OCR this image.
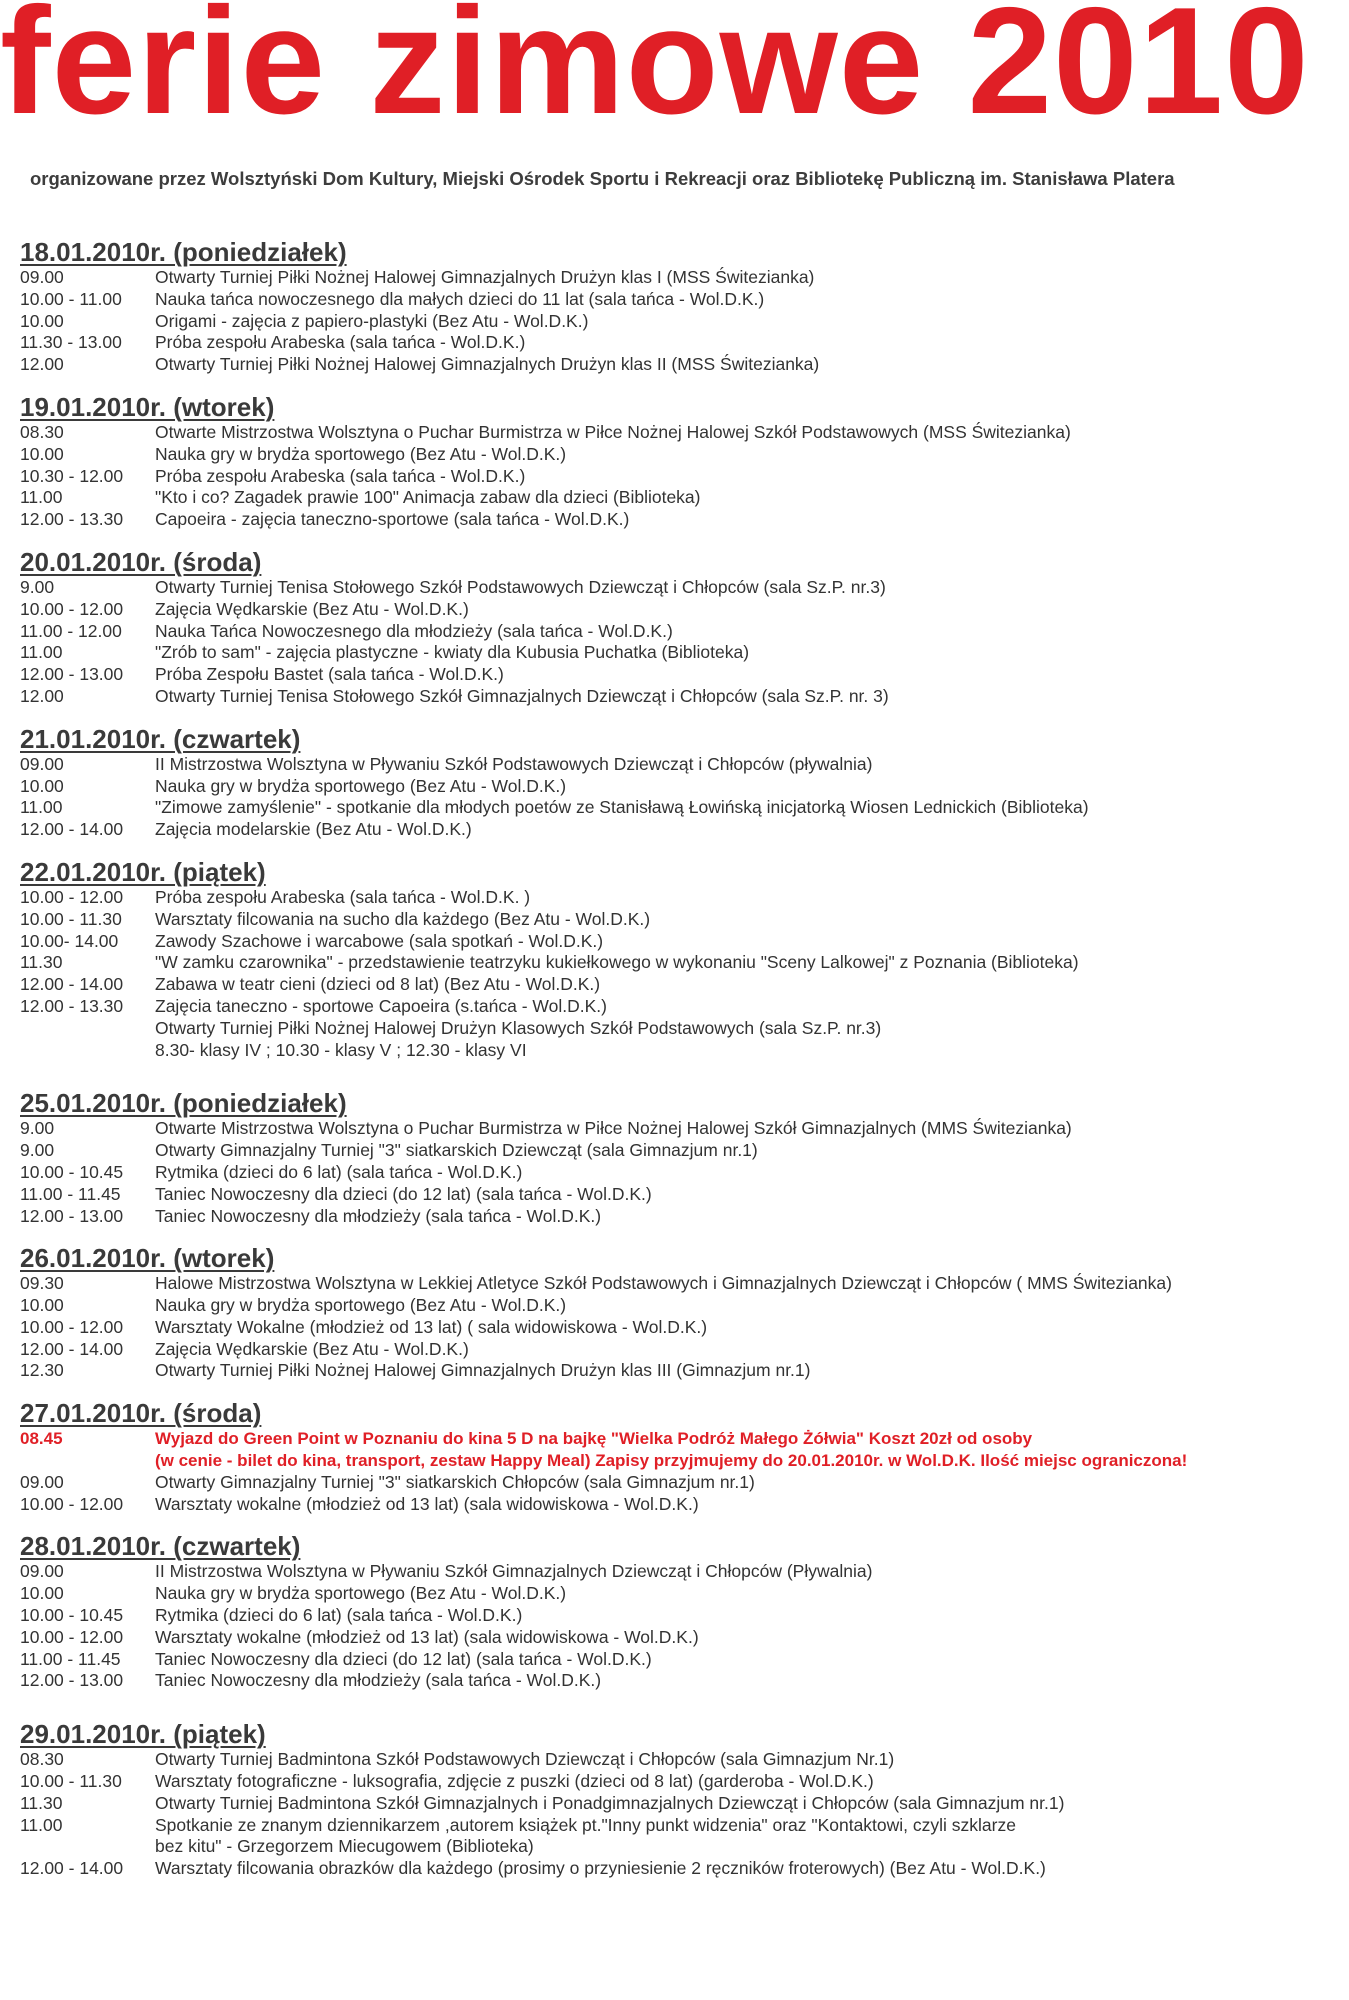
ferie zimowe 2010

organizowane przez Wolsztyński Dom Kultury, Miejski Ośrodek Sportu i Rekreacji oraz Bibliotekę Publiczną im. Stanisława Platera

18.01.2010r. (poniedziałek)
09.00	Otwarty Turniej Piłki Nożnej Halowej Gimnazjalnych Drużyn klas I (MSS Świtezianka)
10.00 - 11.00	Nauka tańca nowoczesnego dla małych dzieci do 11 lat (sala tańca - Wol.D.K.)
10.00	Origami - zajęcia z papiero-plastyki (Bez Atu - Wol.D.K.)
11.30 - 13.00	Próba zespołu Arabeska (sala tańca - Wol.D.K.)
12.00	Otwarty Turniej Piłki Nożnej Halowej Gimnazjalnych Drużyn klas II (MSS Świtezianka)
19.01.2010r. (wtorek)
08.30	Otwarte Mistrzostwa Wolsztyna o Puchar Burmistrza w Piłce Nożnej Halowej Szkół Podstawowych (MSS Świtezianka)
10.00	Nauka gry w brydża sportowego (Bez Atu - Wol.D.K.)
10.30 - 12.00	Próba zespołu Arabeska (sala tańca - Wol.D.K.)
11.00	"Kto i co? Zagadek prawie 100" Animacja zabaw dla dzieci (Biblioteka)
12.00 - 13.30	Capoeira - zajęcia taneczno-sportowe (sala tańca - Wol.D.K.)
20.01.2010r. (środa)
9.00	Otwarty Turniej Tenisa Stołowego Szkół Podstawowych Dziewcząt i Chłopców (sala Sz.P. nr.3)
10.00 - 12.00	Zajęcia Wędkarskie (Bez Atu - Wol.D.K.)
11.00 - 12.00	Nauka Tańca Nowoczesnego dla młodzieży (sala tańca - Wol.D.K.)
11.00	"Zrób to sam" - zajęcia plastyczne - kwiaty dla Kubusia Puchatka (Biblioteka)
12.00 - 13.00	Próba Zespołu Bastet (sala tańca - Wol.D.K.)
12.00	Otwarty Turniej Tenisa Stołowego Szkół Gimnazjalnych Dziewcząt i Chłopców (sala Sz.P. nr. 3)
21.01.2010r. (czwartek)
09.00	II Mistrzostwa Wolsztyna w Pływaniu Szkół Podstawowych Dziewcząt i Chłopców (pływalnia)
10.00	Nauka gry w brydża sportowego (Bez Atu - Wol.D.K.)
11.00	"Zimowe zamyślenie" - spotkanie dla młodych poetów ze Stanisławą Łowińską inicjatorką Wiosen Lednickich (Biblioteka)
12.00 - 14.00	Zajęcia modelarskie (Bez Atu - Wol.D.K.)
22.01.2010r. (piątek)
10.00 - 12.00	Próba zespołu Arabeska (sala tańca - Wol.D.K. )
10.00 - 11.30	Warsztaty filcowania na sucho dla każdego (Bez Atu - Wol.D.K.)
10.00- 14.00	Zawody Szachowe i warcabowe (sala spotkań - Wol.D.K.)
11.30	"W zamku czarownika" - przedstawienie teatrzyku kukiełkowego w wykonaniu "Sceny Lalkowej" z Poznania (Biblioteka)
12.00 - 14.00	Zabawa w teatr cieni (dzieci od 8 lat) (Bez Atu - Wol.D.K.)
12.00 - 13.30	Zajęcia taneczno - sportowe Capoeira (s.tańca - Wol.D.K.)
Otwarty Turniej Piłki Nożnej Halowej Drużyn Klasowych Szkół Podstawowych (sala Sz.P. nr.3)
8.30- klasy IV ; 10.30 - klasy V ; 12.30 - klasy VI
25.01.2010r. (poniedziałek)
9.00	Otwarte Mistrzostwa Wolsztyna o Puchar Burmistrza w Piłce Nożnej Halowej Szkół Gimnazjalnych (MMS Świtezianka)
9.00	Otwarty Gimnazjalny Turniej "3" siatkarskich Dziewcząt (sala Gimnazjum nr.1)
10.00 - 10.45	Rytmika (dzieci do 6 lat) (sala tańca - Wol.D.K.)
11.00 - 11.45	Taniec Nowoczesny dla dzieci (do 12 lat) (sala tańca - Wol.D.K.)
12.00 - 13.00	Taniec Nowoczesny dla młodzieży (sala tańca - Wol.D.K.)
26.01.2010r. (wtorek)
09.30	Halowe Mistrzostwa Wolsztyna w Lekkiej Atletyce Szkół Podstawowych i Gimnazjalnych Dziewcząt i Chłopców ( MMS Świtezianka)
10.00	Nauka gry w brydża sportowego (Bez Atu - Wol.D.K.)
10.00 - 12.00	Warsztaty Wokalne (młodzież od 13 lat) ( sala widowiskowa - Wol.D.K.)
12.00 - 14.00	Zajęcia Wędkarskie (Bez Atu - Wol.D.K.)
12.30	Otwarty Turniej Piłki Nożnej Halowej Gimnazjalnych Drużyn klas III (Gimnazjum nr.1)
27.01.2010r. (środa)
08.45	Wyjazd do Green Point w Poznaniu do kina 5 D na bajkę "Wielka Podróż Małego Żółwia" Koszt 20zł od osoby
(w cenie - bilet do kina, transport, zestaw Happy Meal) Zapisy przyjmujemy do 20.01.2010r. w Wol.D.K. Ilość miejsc ograniczona!
09.00	Otwarty Gimnazjalny Turniej "3" siatkarskich Chłopców (sala Gimnazjum nr.1)
10.00 - 12.00	Warsztaty wokalne (młodzież od 13 lat) (sala widowiskowa - Wol.D.K.)
28.01.2010r. (czwartek)
09.00	II Mistrzostwa Wolsztyna w Pływaniu Szkół Gimnazjalnych Dziewcząt i Chłopców (Pływalnia)
10.00	Nauka gry w brydża sportowego (Bez Atu - Wol.D.K.)
10.00 - 10.45	Rytmika (dzieci do 6 lat) (sala tańca - Wol.D.K.)
10.00 - 12.00	Warsztaty wokalne (młodzież od 13 lat) (sala widowiskowa - Wol.D.K.)
11.00 - 11.45	Taniec Nowoczesny dla dzieci (do 12 lat) (sala tańca - Wol.D.K.)
12.00 - 13.00	Taniec Nowoczesny dla młodzieży (sala tańca - Wol.D.K.)
29.01.2010r. (piątek)
08.30	Otwarty Turniej Badmintona Szkół Podstawowych Dziewcząt i Chłopców (sala Gimnazjum Nr.1)
10.00 - 11.30	Warsztaty fotograficzne - luksografia, zdjęcie z puszki (dzieci od 8 lat) (garderoba - Wol.D.K.)
11.30	Otwarty Turniej Badmintona Szkół Gimnazjalnych i Ponadgimnazjalnych Dziewcząt i Chłopców (sala Gimnazjum nr.1)
11.00	Spotkanie ze znanym dziennikarzem ,autorem książek pt."Inny punkt widzenia" oraz "Kontaktowi, czyli szklarze
bez kitu" - Grzegorzem Miecugowem (Biblioteka)
12.00 - 14.00	Warsztaty filcowania obrazków dla każdego (prosimy o przyniesienie 2 ręczników froterowych) (Bez Atu - Wol.D.K.)
